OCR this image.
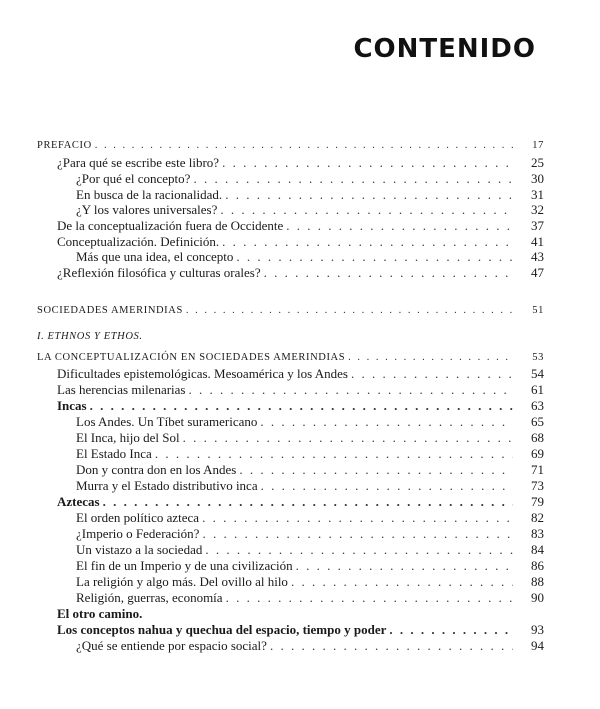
CONTENIDO
PREFACIO . . .	17
¿Para qué se escribe este libro? . . .	25
¿Por qué el concepto? . . .	30
En busca de la racionalidad. . . .	31
¿Y los valores universales? . . .	32
De la conceptualización fuera de Occidente . . .	37
Conceptualización. Definición. . . .	41
Más que una idea, el concepto . . .	43
¿Reflexión filosófica y culturas orales? . . .	47
SOCIEDADES AMERINDIAS . . .	51
I. ETHNOS Y ETHOS.
LA CONCEPTUALIZACIÓN EN SOCIEDADES AMERINDIAS . . .	53
Dificultades epistemológicas. Mesoamérica y los Andes . . .	54
Las herencias milenarias . . .	61
Incas . . .	63
Los Andes. Un Tíbet suramericano . . .	65
El Inca, hijo del Sol . . .	68
El Estado Inca . . .	69
Don y contra don en los Andes . . .	71
Murra y el Estado distributivo inca . . .	73
Aztecas . . .	79
El orden político azteca . . .	82
¿Imperio o Federación? . . .	83
Un vistazo a la sociedad . . .	84
El fin de un Imperio y de una civilización . . .	86
La religión y algo más. Del ovillo al hilo . . .	88
Religión, guerras, economía . . .	90
El otro camino.
Los conceptos nahua y quechua del espacio, tiempo y poder . . .	93
¿Qué se entiende por espacio social? . . .	94
